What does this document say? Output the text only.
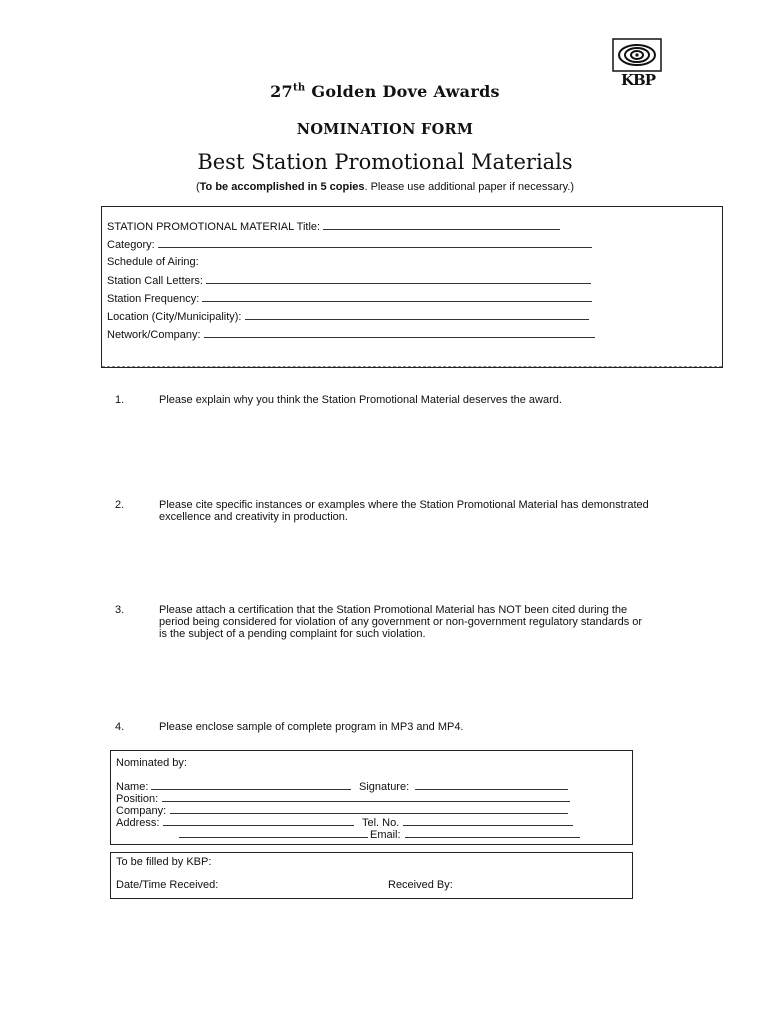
KBP
27th Golden Dove Awards
NOMINATION FORM
Best Station Promotional Materials
(To be accomplished in 5 copies. Please use additional paper if necessary.)
STATION PROMOTIONAL MATERIAL Title:
Category:
Schedule of Airing:
Station Call Letters:
Station Frequency:
Location (City/Municipality):
Network/Company:
1.	Please explain why you think the Station Promotional Material deserves the award.
2.	Please cite specific instances or examples where the Station Promotional Material has demonstrated excellence and creativity in production.
3.	Please attach a certification that the Station Promotional Material has NOT been cited during the period being considered for violation of any government or non-government regulatory standards or is the subject of a pending complaint for such violation.
4.	Please enclose sample of complete program in MP3 and MP4.
Nominated by:
Name:	Signature:
Position:
Company:
Address:	Tel. No.
Email:
To be filled by KBP:
Date/Time Received:	Received By:
